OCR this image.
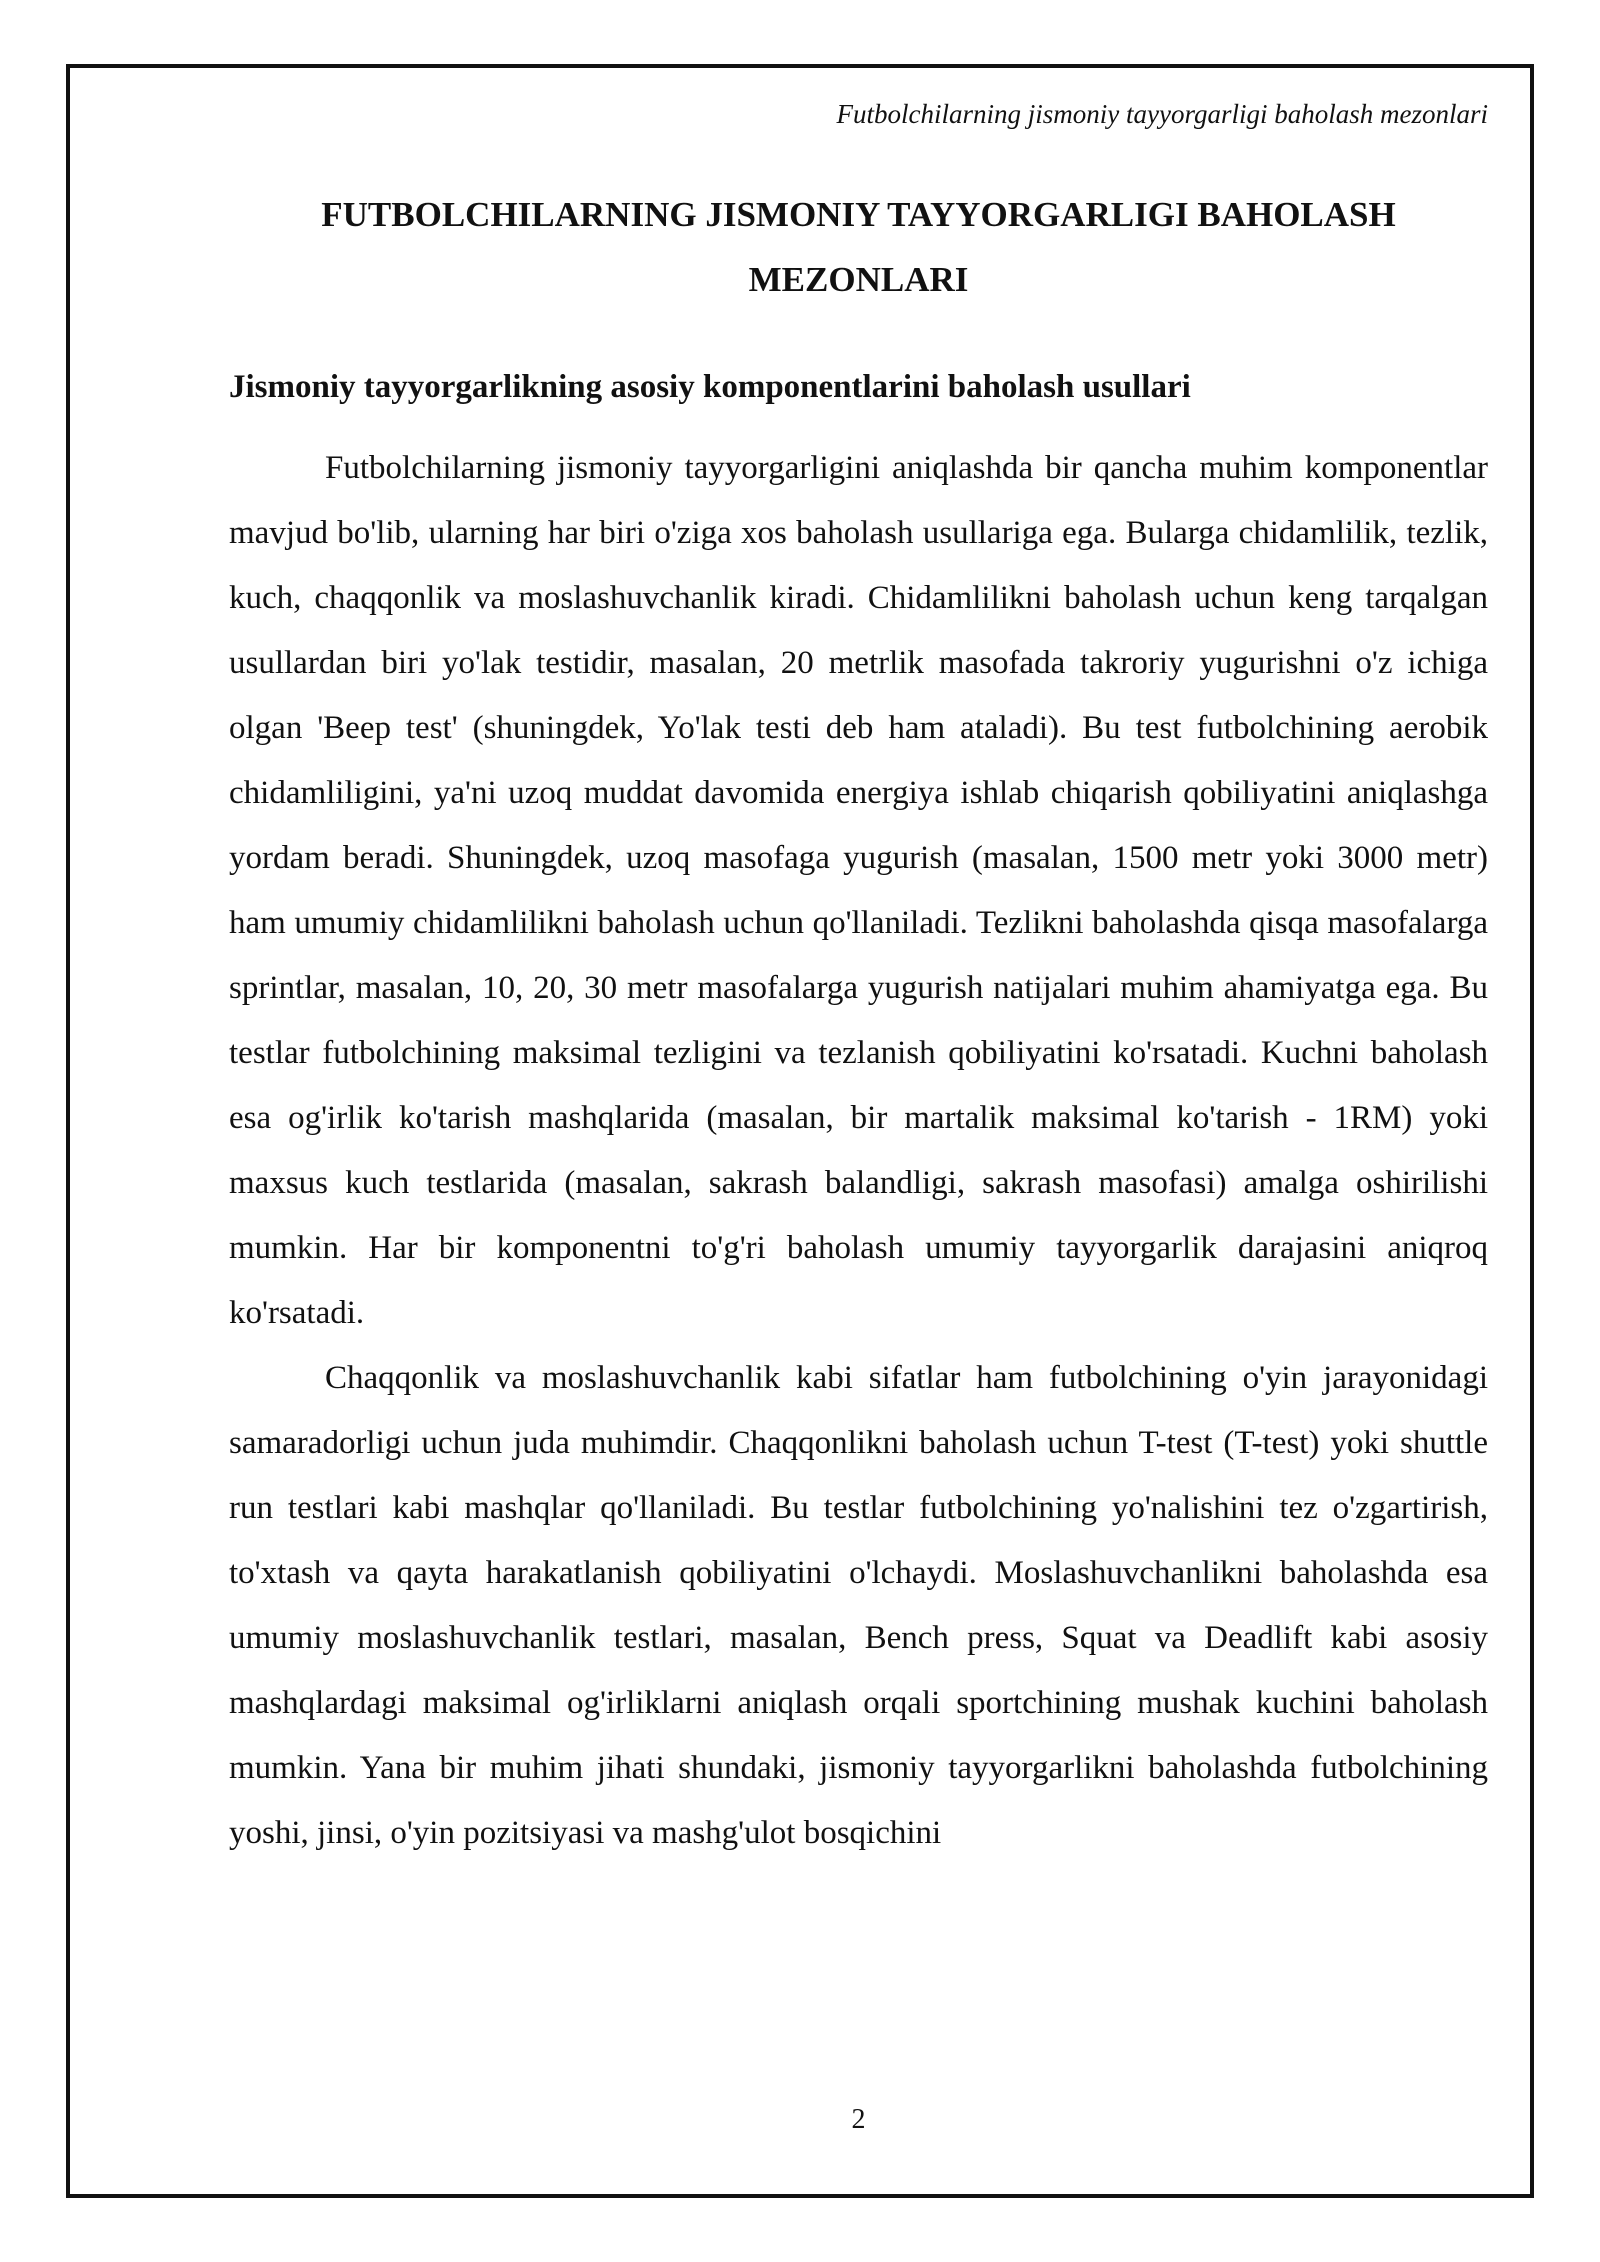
Futbolchilarning jismoniy tayyorgarligi baholash mezonlari
FUTBOLCHILARNING JISMONIY TAYYORGARLIGI BAHOLASH MEZONLARI
Jismoniy tayyorgarlikning asosiy komponentlarini baholash usullari

Futbolchilarning jismoniy tayyorgarligini aniqlashda bir qancha muhim komponentlar mavjud bo'lib, ularning har biri o'ziga xos baholash usullariga ega. Bularga chidamlilik, tezlik, kuch, chaqqonlik va moslashuvchanlik kiradi. Chidamlilikni baholash uchun keng tarqalgan usullardan biri yo'lak testidir, masalan, 20 metrlik masofada takroriy yugurishni o'z ichiga olgan 'Beep test' (shuningdek, Yo'lak testi deb ham ataladi). Bu test futbolchining aerobik chidamliligini, ya'ni uzoq muddat davomida energiya ishlab chiqarish qobiliyatini aniqlashga yordam beradi. Shuningdek, uzoq masofaga yugurish (masalan, 1500 metr yoki 3000 metr) ham umumiy chidamlilikni baholash uchun qo'llaniladi. Tezlikni baholashda qisqa masofalarga sprintlar, masalan, 10, 20, 30 metr masofalarga yugurish natijalari muhim ahamiyatga ega. Bu testlar futbolchining maksimal tezligini va tezlanish qobiliyatini ko'rsatadi. Kuchni baholash esa og'irlik ko'tarish mashqlarida (masalan, bir martalik maksimal ko'tarish - 1RM) yoki maxsus kuch testlarida (masalan, sakrash balandligi, sakrash masofasi) amalga oshirilishi mumkin. Har bir komponentni to'g'ri baholash umumiy tayyorgarlik darajasini aniqroq ko'rsatadi.

Chaqqonlik va moslashuvchanlik kabi sifatlar ham futbolchining o'yin jarayonidagi samaradorligi uchun juda muhimdir. Chaqqonlikni baholash uchun T-test (T-test) yoki shuttle run testlari kabi mashqlar qo'llaniladi. Bu testlar futbolchining yo'nalishini tez o'zgartirish, to'xtash va qayta harakatlanish qobiliyatini o'lchaydi. Moslashuvchanlikni baholashda esa umumiy moslashuvchanlik testlari, masalan, Bench press, Squat va Deadlift kabi asosiy mashqlardagi maksimal og'irliklarni aniqlash orqali sportchining mushak kuchini baholash mumkin. Yana bir muhim jihati shundaki, jismoniy tayyorgarlikni baholashda futbolchining yoshi, jinsi, o'yin pozitsiyasi va mashg'ulot bosqichini

2
